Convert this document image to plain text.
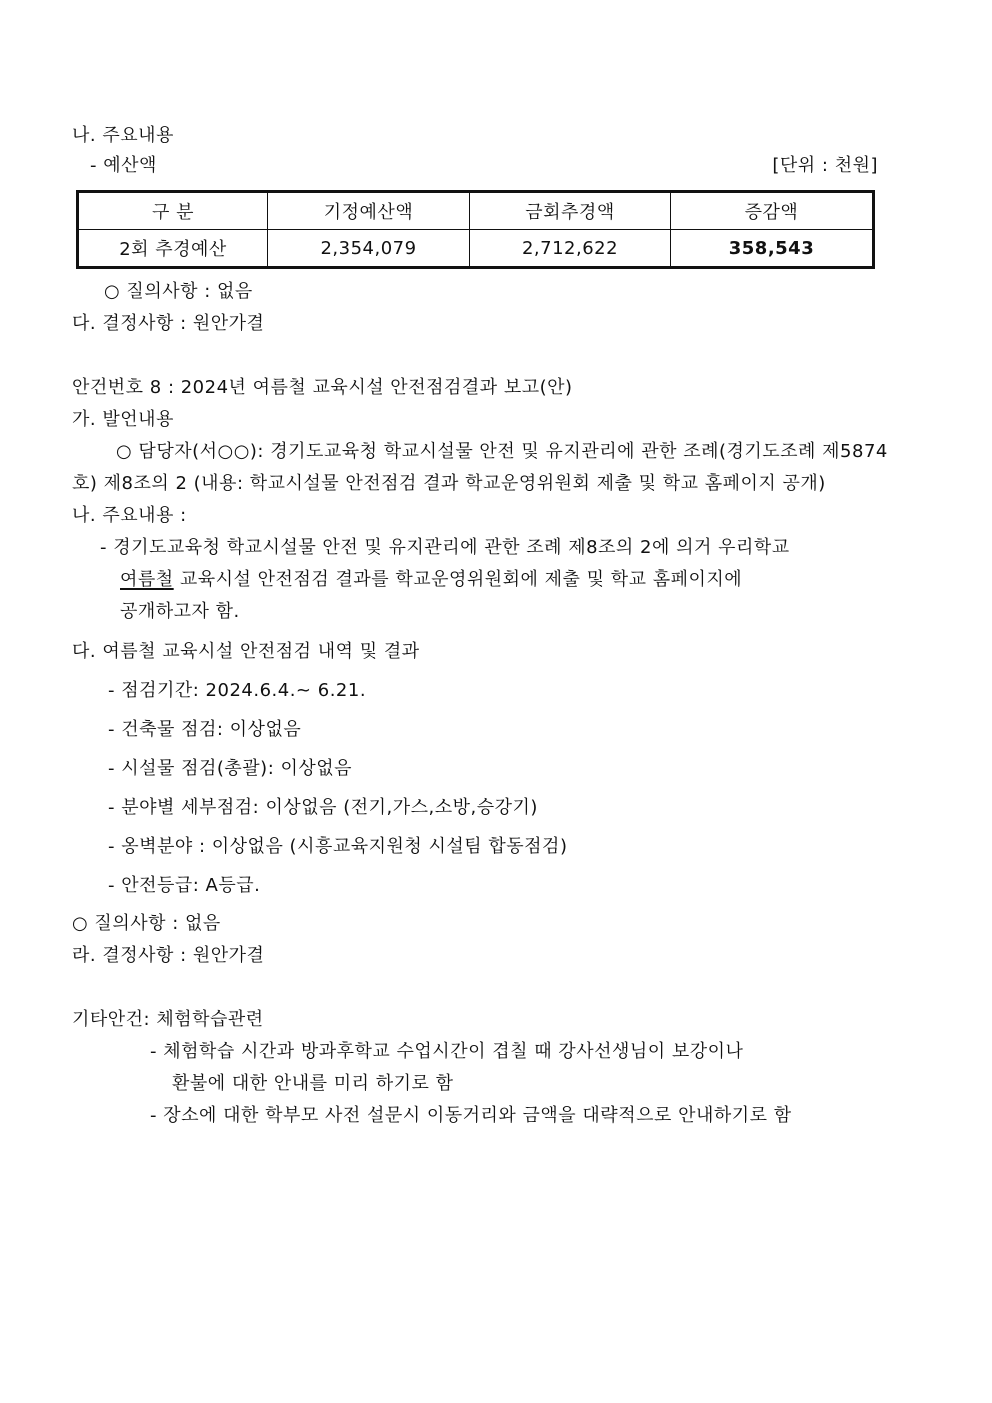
나. 주요내용
- 예산액	[단위 : 천원]
구 분	기정예산액	금회추경액	증감액
2회 추경예산	2,354,079	2,712,622	358,543
○ 질의사항 : 없음
다. 결정사항 : 원안가결
안건번호 8 : 2024년 여름철 교육시설 안전점검결과 보고(안)
가. 발언내용
○ 담당자(서○○): 경기도교육청 학교시설물 안전 및 유지관리에 관한 조례(경기도조례 제5874
호) 제8조의 2 (내용: 학교시설물 안전점검 결과 학교운영위원회 제출 및 학교 홈페이지 공개)
나. 주요내용 :
- 경기도교육청 학교시설물 안전 및 유지관리에 관한 조례 제8조의 2에 의거 우리학교
여름철 교육시설 안전점검 결과를 학교운영위원회에 제출 및 학교 홈페이지에
공개하고자 함.
다. 여름철 교육시설 안전점검 내역 및 결과
- 점검기간: 2024.6.4.~ 6.21.
- 건축물 점검: 이상없음
- 시설물 점검(총괄): 이상없음
- 분야별 세부점검: 이상없음 (전기,가스,소방,승강기)
- 옹벽분야 : 이상없음 (시흥교육지원청 시설팀 합동점검)
- 안전등급: A등급.
○ 질의사항 : 없음
라. 결정사항 : 원안가결
기타안건: 체험학습관련
- 체험학습 시간과 방과후학교 수업시간이 겹칠 때 강사선생님이 보강이나
환불에 대한 안내를 미리 하기로 함
- 장소에 대한 학부모 사전 설문시 이동거리와 금액을 대략적으로 안내하기로 함
